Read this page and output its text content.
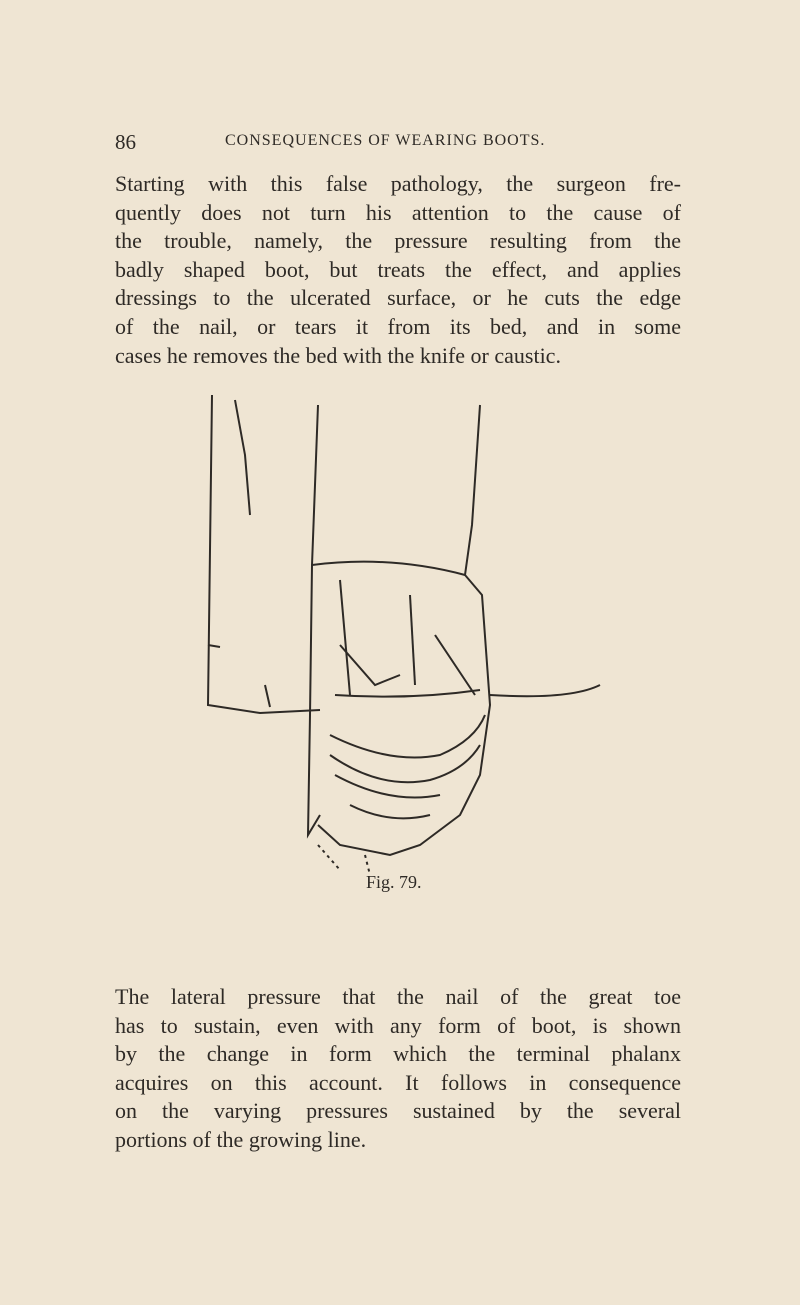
86	CONSEQUENCES OF WEARING BOOTS.
Starting with this false pathology, the surgeon fre-
quently does not turn his attention to the cause of
the trouble, namely, the pressure resulting from the
badly shaped boot, but treats the effect, and applies
dressings to the ulcerated surface, or he cuts the edge
of the nail, or tears it from its bed, and in some
cases he removes the bed with the knife or caustic.
Fig. 79.
The lateral pressure that the nail of the great toe
has to sustain, even with any form of boot, is shown
by the change in form which the terminal phalanx
acquires on this account. It follows in consequence
on the varying pressures sustained by the several
portions of the growing line.
